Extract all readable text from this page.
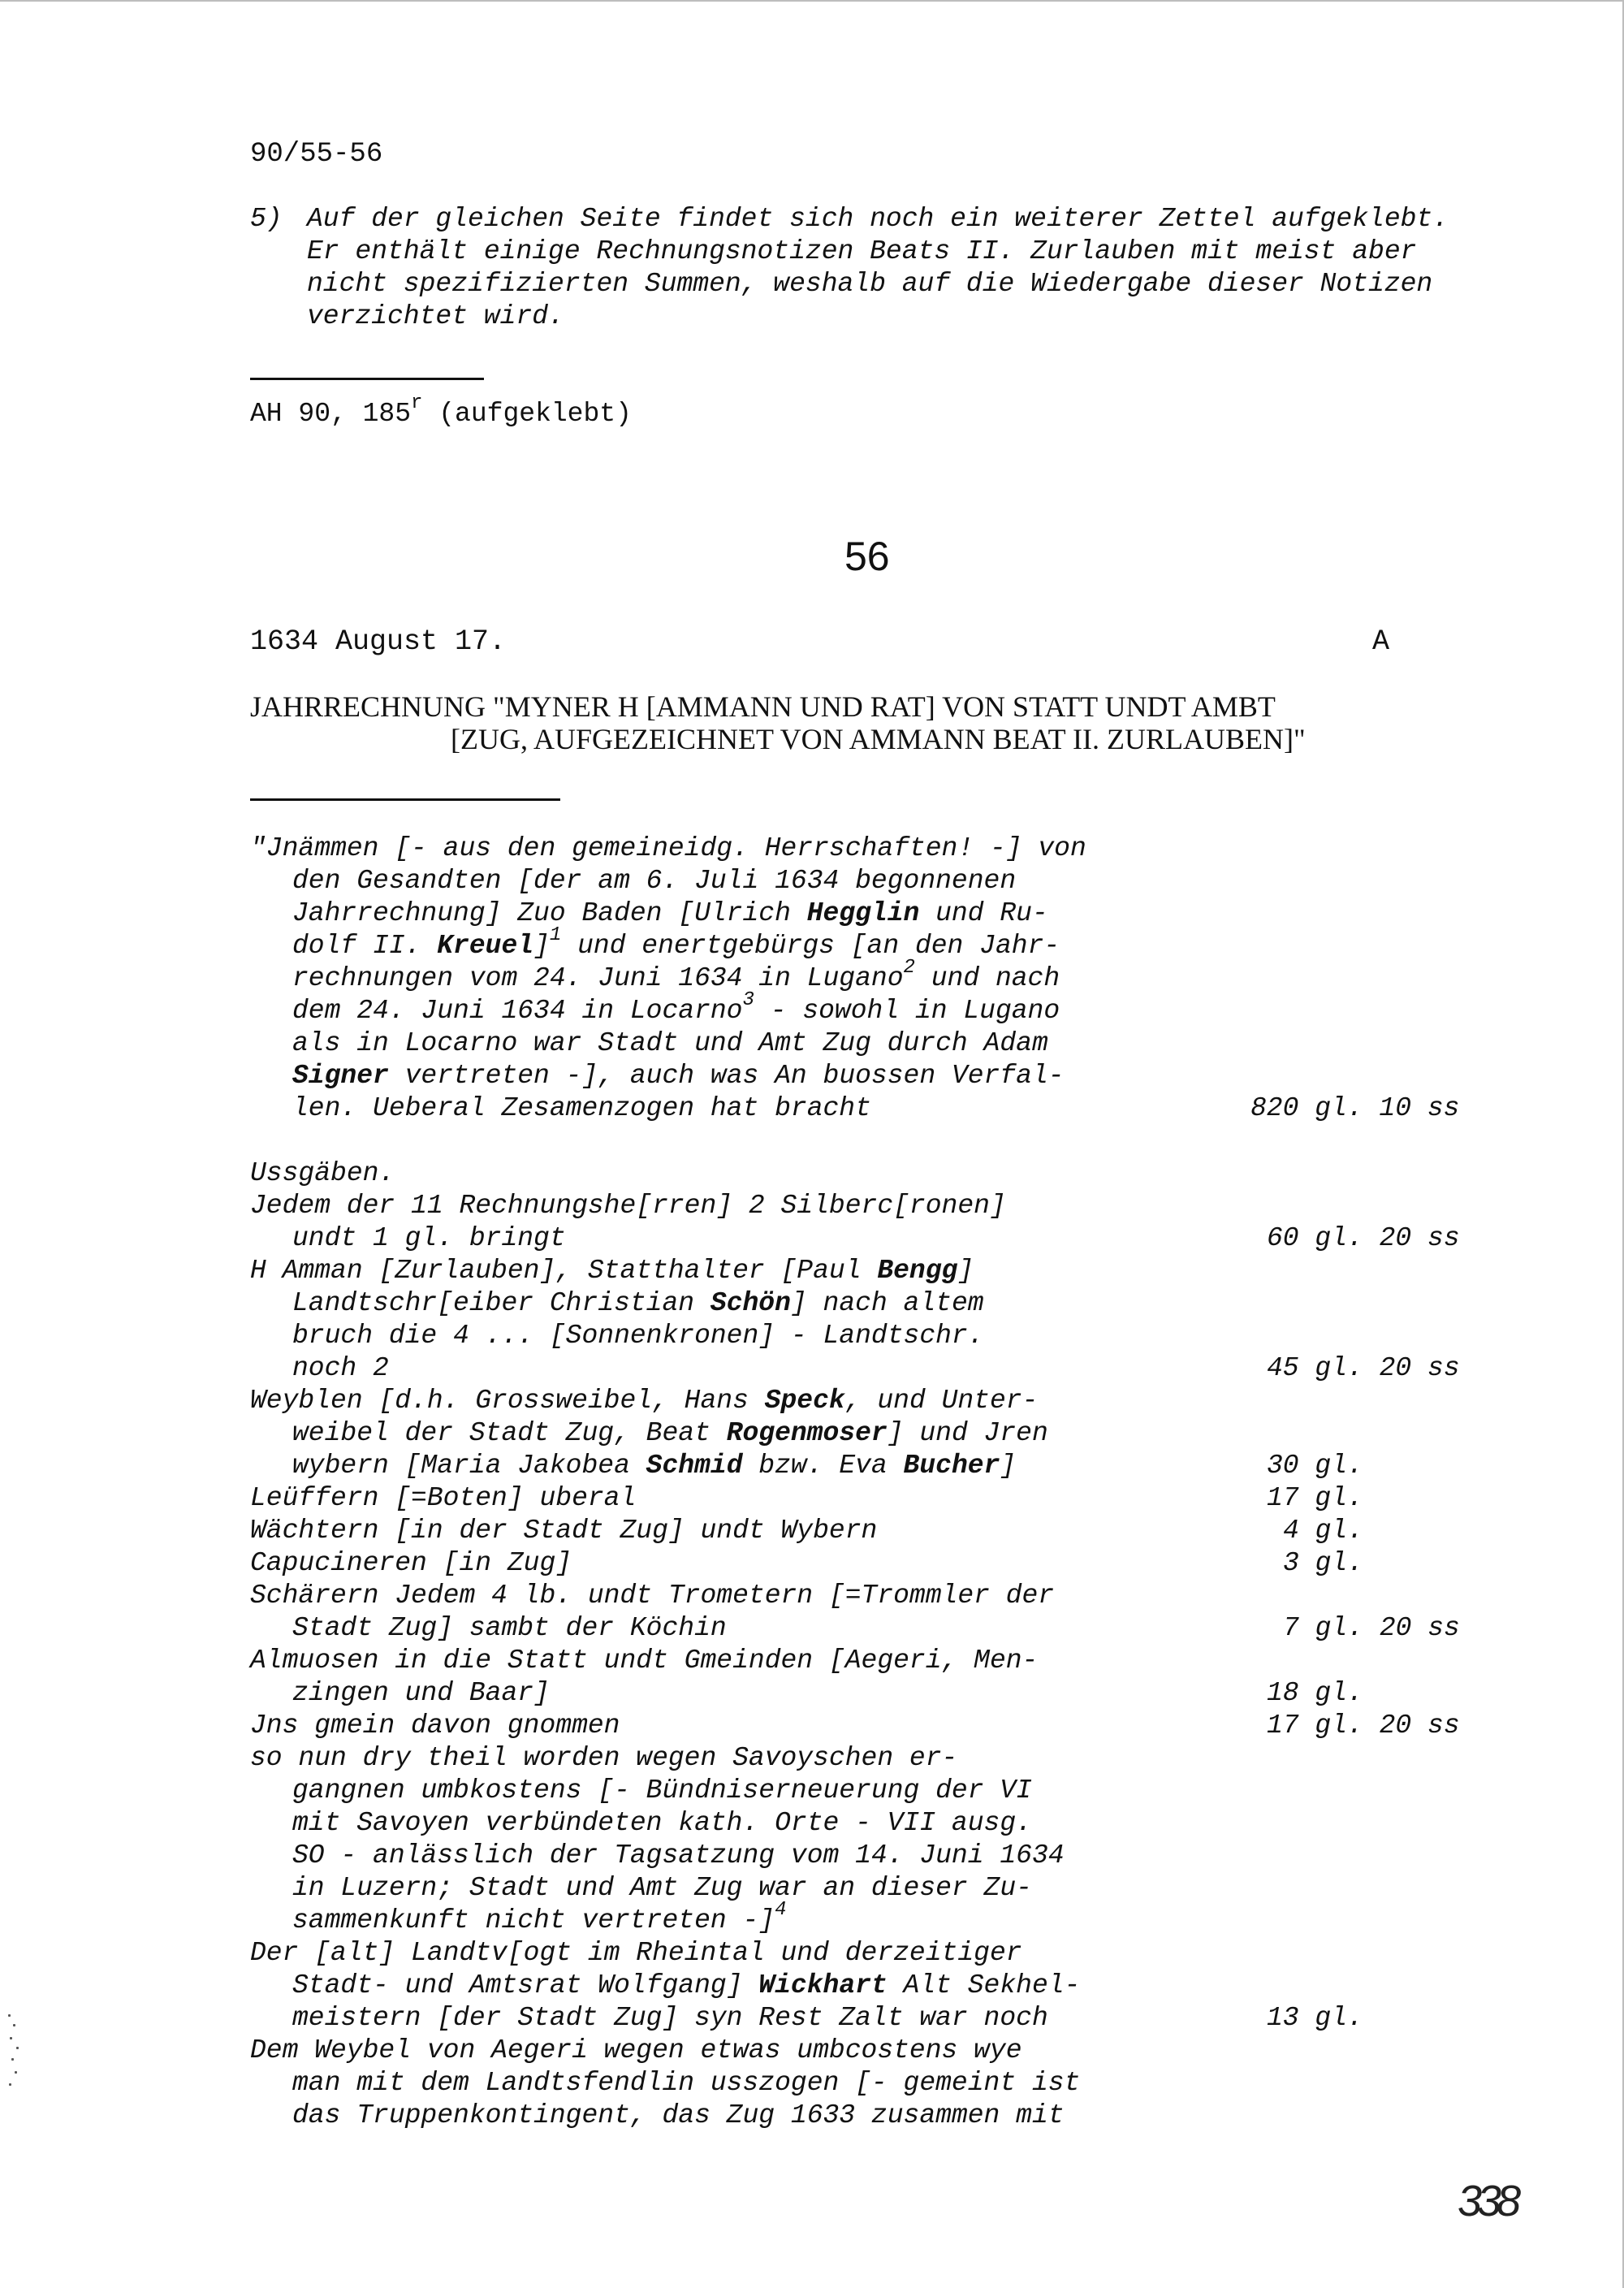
90/55-56
5) Auf der gleichen Seite findet sich noch ein weiterer Zettel aufgeklebt.
Er enthält einige Rechnungsnotizen Beats II. Zurlauben mit meist aber
nicht spezifizierten Summen, weshalb auf die Wiedergabe dieser Notizen
verzichtet wird.
AH 90, 185$^r$ (aufgeklebt)
56
1634 August 17.	A
JAHRRECHNUNG "MYNER H [AMMANN UND RAT] VON STATT UNDT AMBT
[ZUG, AUFGEZEICHNET VON AMMANN BEAT II. ZURLAUBEN]"
"Jnämmen [- aus den gemeineidg. Herrschaften! -] von
den Gesandten [der am 6. Juli 1634 begonnenen
Jahrrechnung] Zuo Baden [Ulrich Hegglin und Ru-
dolf II. Kreuel]$^1$ und enertgebürgs [an den Jahr-
rechnungen vom 24. Juni 1634 in Lugano$^2$ und nach
dem 24. Juni 1634 in Locarno$^3$ - sowohl in Lugano
als in Locarno war Stadt und Amt Zug durch Adam
Signer vertreten -], auch was An buossen Verfal-
len. Ueberal Zesamenzogen hat bracht	820 gl. 10 ss
Ussgäben.
Jedem der 11 Rechnungshe[rren] 2 Silberc[ronen]
undt 1 gl. bringt	60 gl. 20 ss
H Amman [Zurlauben], Statthalter [Paul Bengg]
Landtschr[eiber Christian Schön] nach altem
bruch die 4 ... [Sonnenkronen] - Landtschr.
noch 2	45 gl. 20 ss
Weyblen [d.h. Grossweibel, Hans Speck, und Unter-
weibel der Stadt Zug, Beat Rogenmoser] und Jren
wybern [Maria Jakobea Schmid bzw. Eva Bucher]	30 gl.
Leüffern [=Boten] uberal	17 gl.
Wächtern [in der Stadt Zug] undt Wybern	4 gl.
Capucineren [in Zug]	3 gl.
Schärern Jedem 4 lb. undt Trometern [=Trommler der
Stadt Zug] sambt der Köchin	7 gl. 20 ss
Almuosen in die Statt undt Gmeinden [Aegeri, Men-
zingen und Baar]	18 gl.
Jns gmein davon gnommen	17 gl. 20 ss
so nun dry theil worden wegen Savoyschen er-
gangnen umbkostens [- Bündniserneuerung der VI
mit Savoyen verbündeten kath. Orte - VII ausg.
SO - anlässlich der Tagsatzung vom 14. Juni 1634
in Luzern; Stadt und Amt Zug war an dieser Zu-
sammenkunft nicht vertreten -]$^4$
Der [alt] Landtv[ogt im Rheintal und derzeitiger
Stadt- und Amtsrat Wolfgang] Wickhart Alt Sekhel-
meistern [der Stadt Zug] syn Rest Zalt war noch	13 gl.
Dem Weybel von Aegeri wegen etwas umbcostens wye
man mit dem Landtsfendlin usszogen [- gemeint ist
das Truppenkontingent, das Zug 1633 zusammen mit
338
